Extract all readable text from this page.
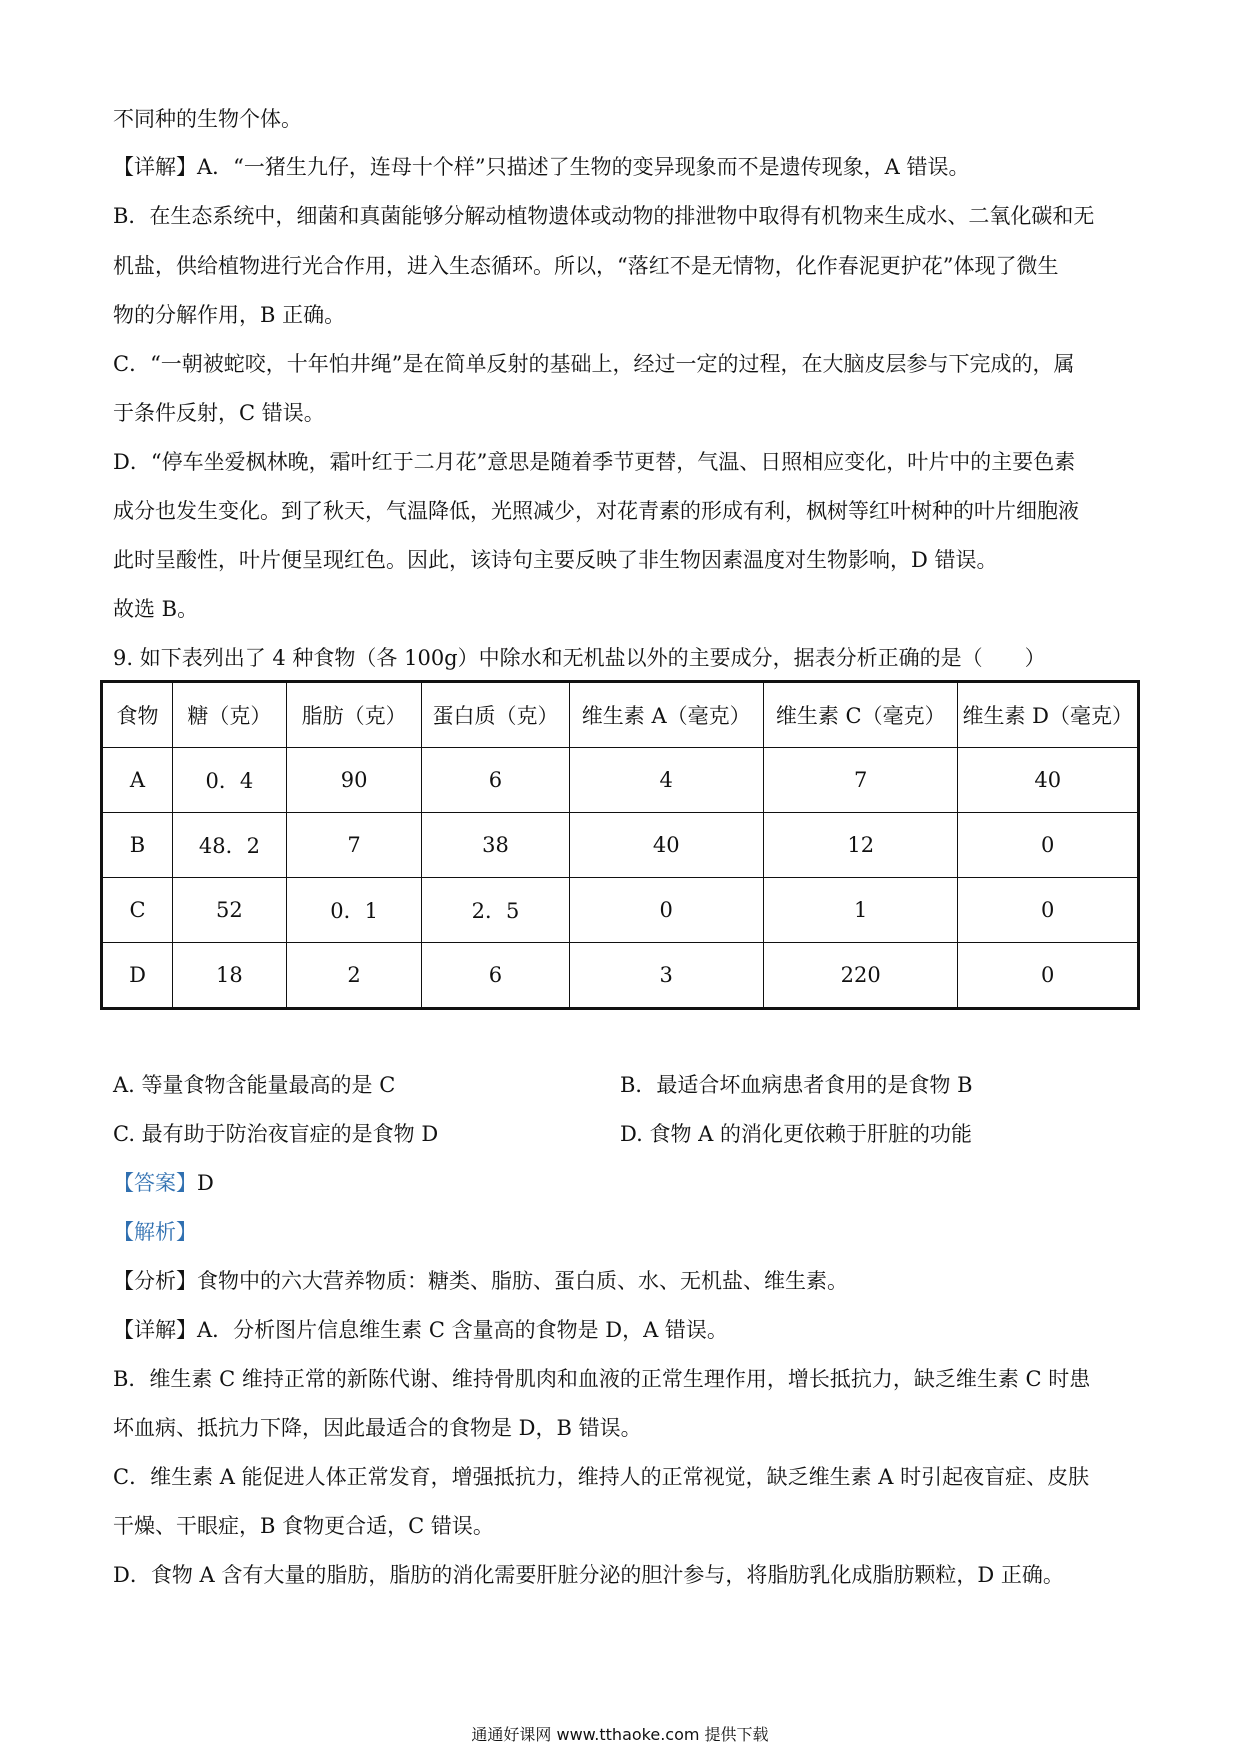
不同种的生物个体。
【详解】A．“一猪生九仔，连母十个样”只描述了生物的变异现象而不是遗传现象，A 错误。
B．在生态系统中，细菌和真菌能够分解动植物遗体或动物的排泄物中取得有机物来生成水、二氧化碳和无
机盐，供给植物进行光合作用，进入生态循环。所以，“落红不是无情物，化作春泥更护花”体现了微生
物的分解作用，B 正确。
C．“一朝被蛇咬，十年怕井绳”是在简单反射的基础上，经过一定的过程，在大脑皮层参与下完成的，属
于条件反射，C 错误。
D．“停车坐爱枫林晚，霜叶红于二月花”意思是随着季节更替，气温、日照相应变化，叶片中的主要色素
成分也发生变化。到了秋天，气温降低，光照减少，对花青素的形成有利，枫树等红叶树种的叶片细胞液
此时呈酸性，叶片便呈现红色。因此，该诗句主要反映了非生物因素温度对生物影响，D 错误。
故选 B。
9. 如下表列出了 4 种食物（各 100g）中除水和无机盐以外的主要成分，据表分析正确的是（　　）
食物	糖（克）	脂肪（克）	蛋白质（克）	维生素 A（毫克）	维生素 C（毫克）	维生素 D（毫克）
A	0．4	90	6	4	7	40
B	48．2	7	38	40	12	0
C	52	0．1	2．5	0	1	0
D	18	2	6	3	220	0
A. 等量食物含能量最高的是 C	B．最适合坏血病患者食用的是食物 B
C. 最有助于防治夜盲症的是食物 D	D. 食物 A 的消化更依赖于肝脏的功能
【答案】D
【解析】
【分析】食物中的六大营养物质：糖类、脂肪、蛋白质、水、无机盐、维生素。
【详解】A．分析图片信息维生素 C 含量高的食物是 D，A 错误。
B．维生素 C 维持正常的新陈代谢、维持骨肌肉和血液的正常生理作用，增长抵抗力，缺乏维生素 C 时患
坏血病、抵抗力下降，因此最适合的食物是 D，B 错误。
C．维生素 A 能促进人体正常发育，增强抵抗力，维持人的正常视觉，缺乏维生素 A 时引起夜盲症、皮肤
干燥、干眼症，B 食物更合适，C 错误。
D．食物 A 含有大量的脂肪，脂肪的消化需要肝脏分泌的胆汁参与，将脂肪乳化成脂肪颗粒，D 正确。
通通好课网 www.tthaoke.com 提供下载
